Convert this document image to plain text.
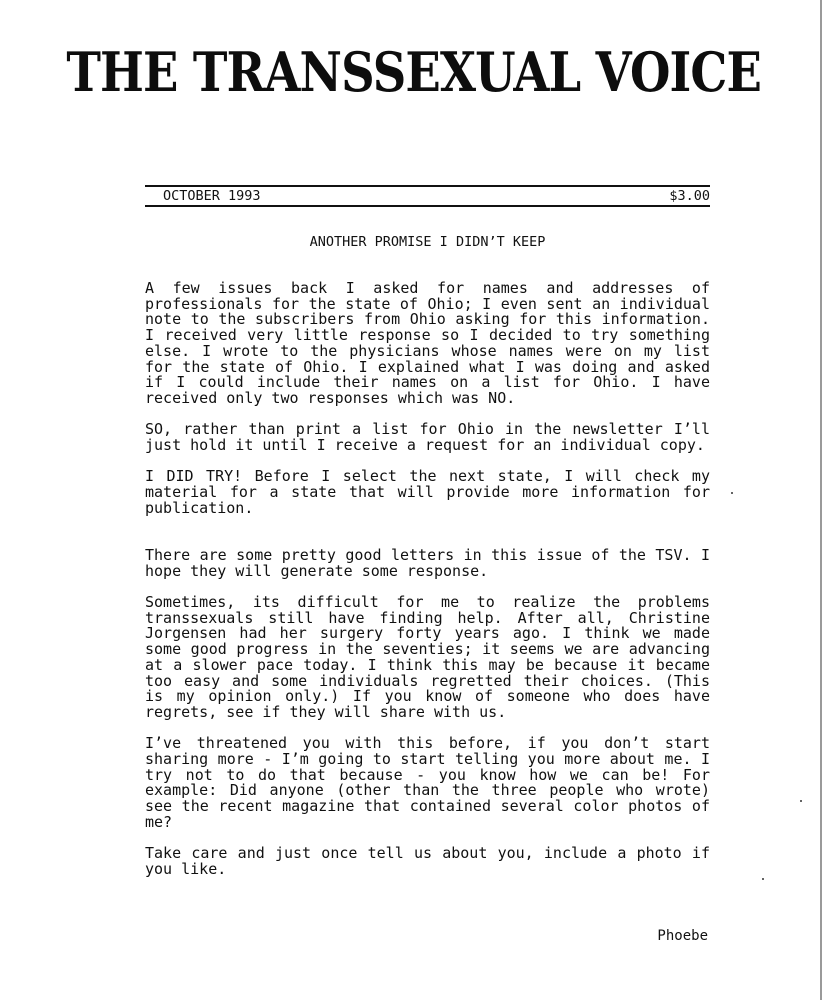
THE TRANSSEXUAL VOICE
OCTOBER 1993	$3.00
ANOTHER PROMISE I DIDN’T KEEP

A few issues back I asked for names and addresses of professionals for the state of Ohio; I even sent an individual note to the subscribers from Ohio asking for this information. I received very little response so I decided to try something else. I wrote to the physicians whose names were on my list for the state of Ohio. I explained what I was doing and asked if I could include their names on a list for Ohio. I have received only two responses which was NO.

SO, rather than print a list for Ohio in the newsletter I’ll just hold it until I receive a request for an individual copy.

I DID TRY! Before I select the next state, I will check my material for a state that will provide more information for publication.

There are some pretty good letters in this issue of the TSV. I hope they will generate some response.

Sometimes, its difficult for me to realize the problems transsexuals still have finding help. After all, Christine Jorgensen had her surgery forty years ago. I think we made some good progress in the seventies; it seems we are advancing at a slower pace today. I think this may be because it became too easy and some individuals regretted their choices. (This is my opinion only.) If you know of someone who does have regrets, see if they will share with us.

I’ve threatened you with this before, if you don’t start sharing more - I’m going to start telling you more about me. I try not to do that because - you know how we can be! For example: Did anyone (other than the three people who wrote) see the recent magazine that contained several color photos of me?

Take care and just once tell us about you, include a photo if you like.

Phoebe
